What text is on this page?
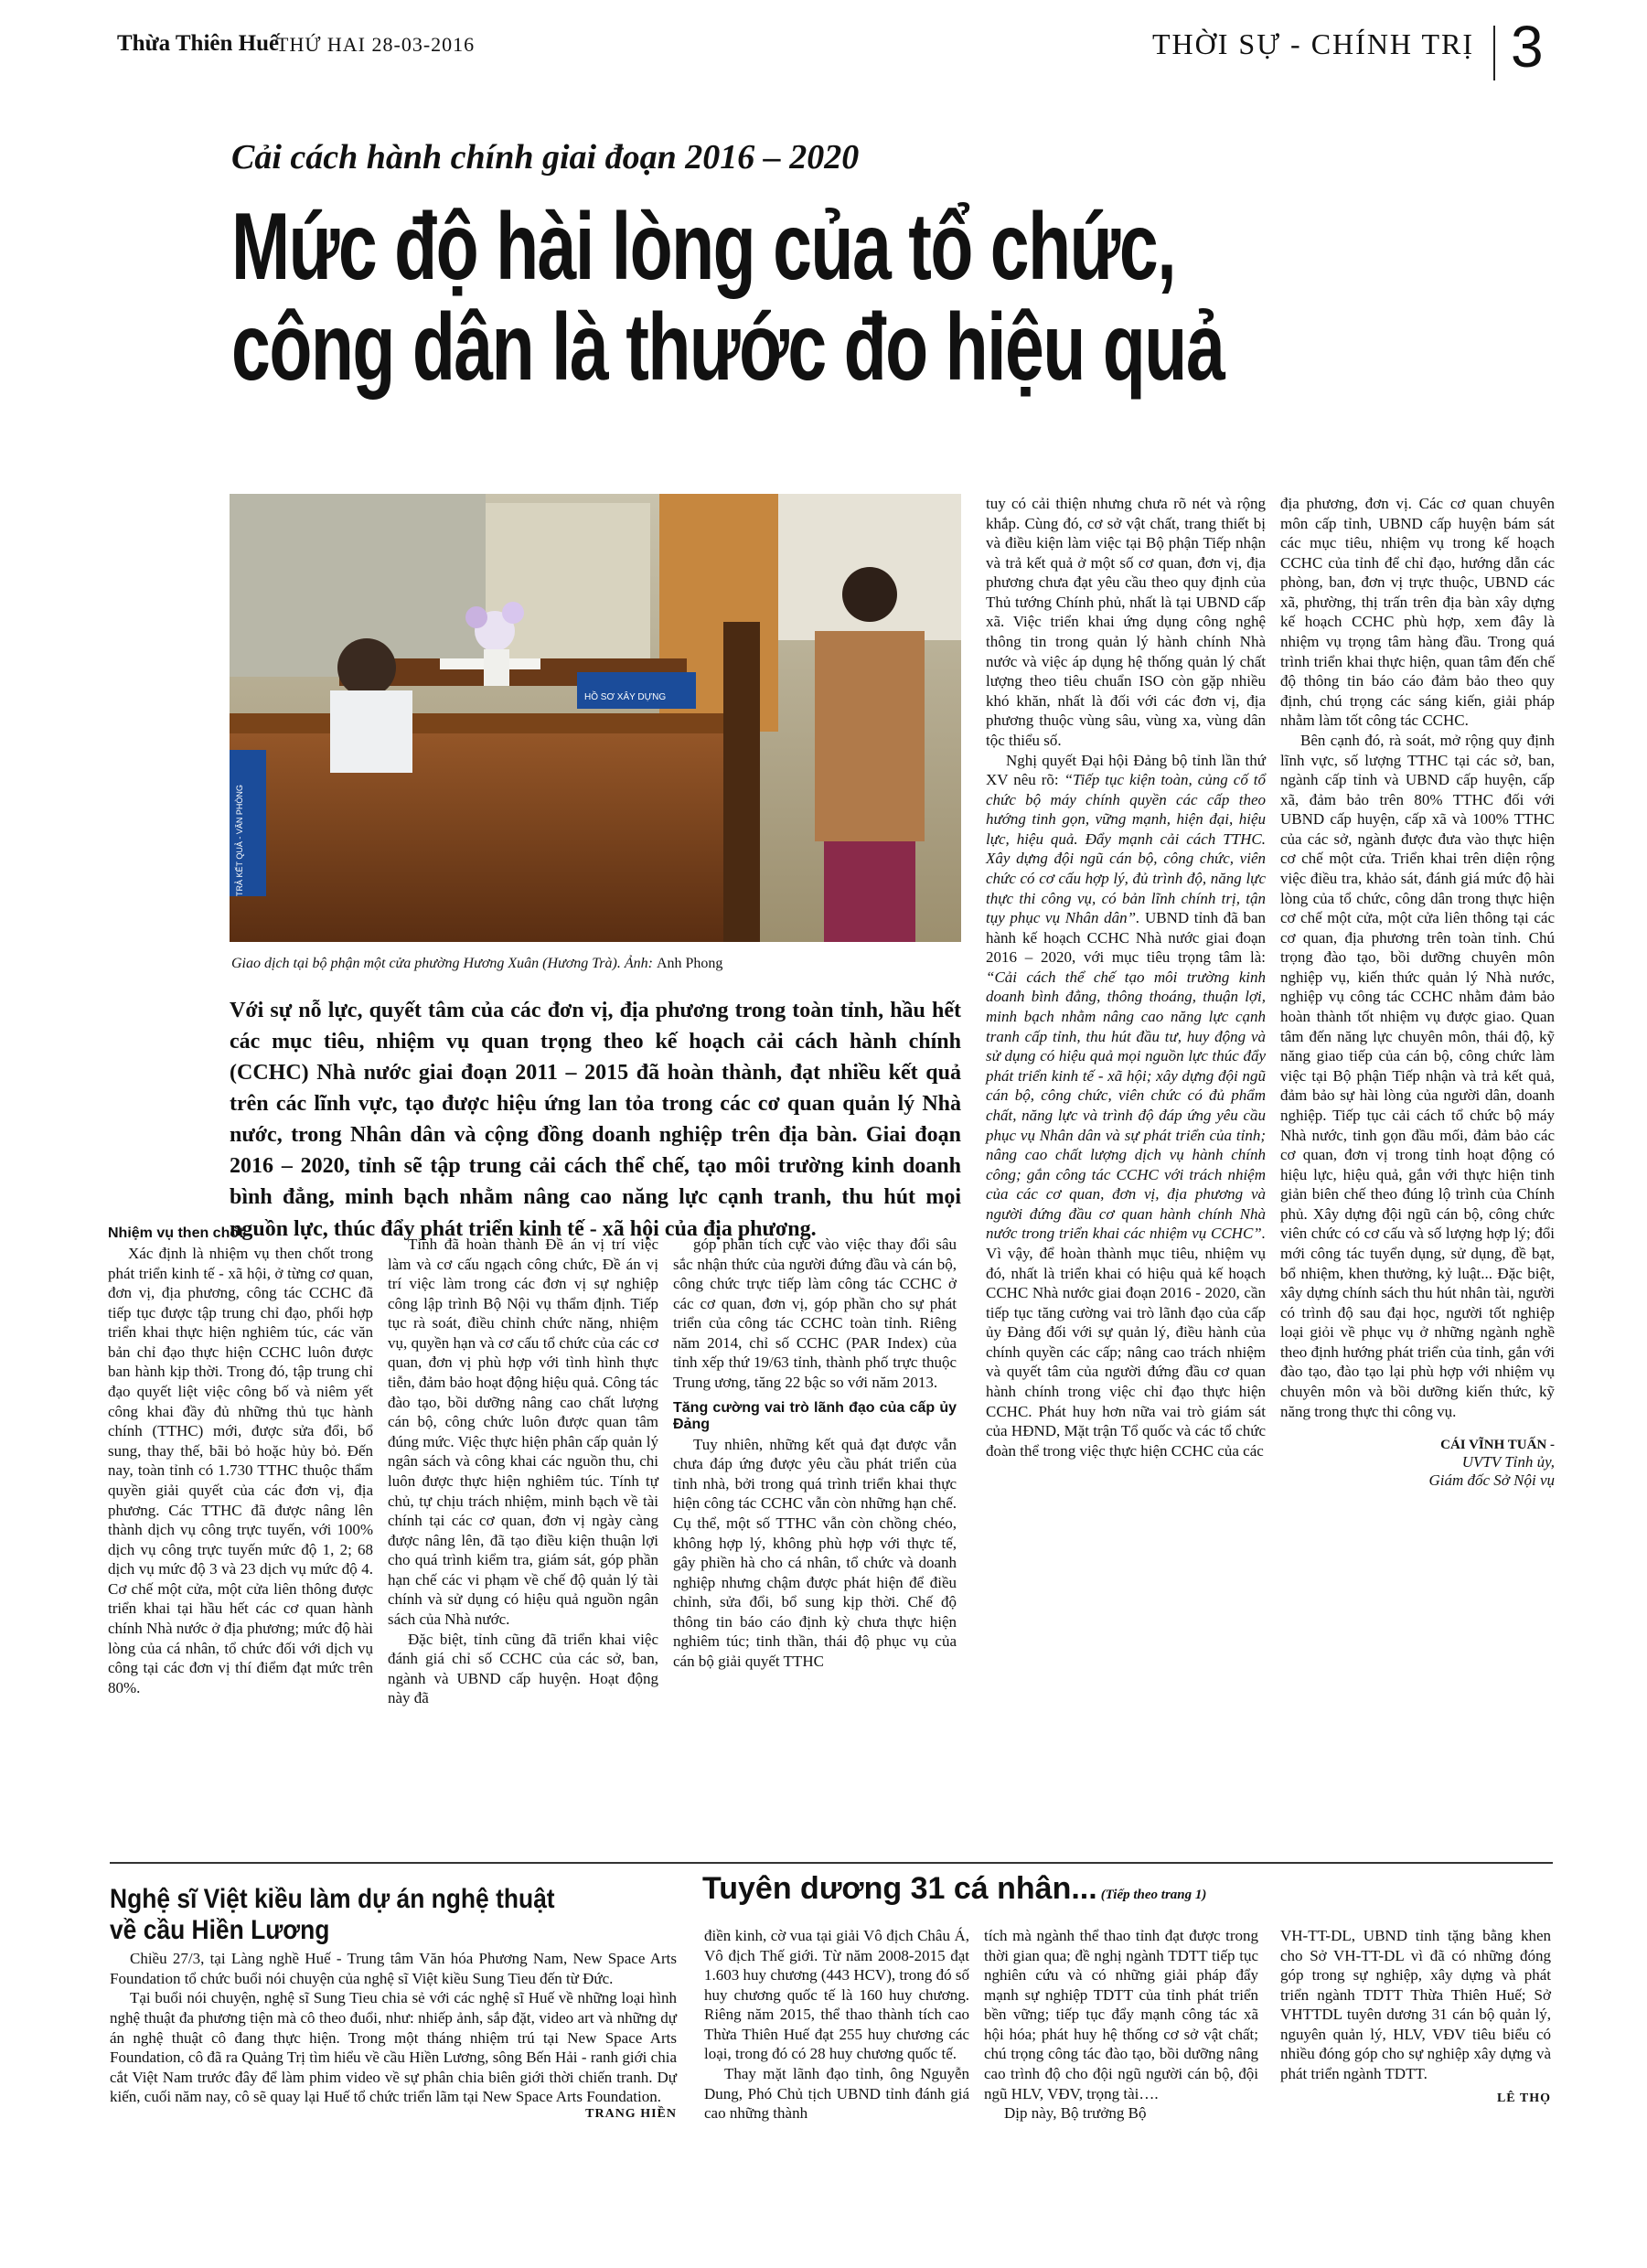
Thừa Thiên Huế
THỨ HAI 28-03-2016	THỜI SỰ - CHÍNH TRỊ 3
Cải cách hành chính giai đoạn 2016 – 2020
Mức độ hài lòng của tổ chức,
công dân là thước đo hiệu quả
HỒ SƠ XÂY DỰNG
TRẢ KẾT QUẢ - VĂN PHÒNG
Giao dịch tại bộ phận một cửa phường Hương Xuân (Hương Trà). Ảnh: Anh Phong
Với sự nỗ lực, quyết tâm của các đơn vị, địa phương trong toàn tỉnh, hầu hết các mục tiêu, nhiệm vụ quan trọng theo kế hoạch cải cách hành chính (CCHC) Nhà nước giai đoạn 2011 – 2015 đã hoàn thành, đạt nhiều kết quả trên các lĩnh vực, tạo được hiệu ứng lan tỏa trong các cơ quan quản lý Nhà nước, trong Nhân dân và cộng đồng doanh nghiệp trên địa bàn. Giai đoạn 2016 – 2020, tỉnh sẽ tập trung cải cách thể chế, tạo môi trường kinh doanh bình đẳng, minh bạch nhằm nâng cao năng lực cạnh tranh, thu hút mọi nguồn lực, thúc đẩy phát triển kinh tế - xã hội của địa phương.
Nhiệm vụ then chốt

Xác định là nhiệm vụ then chốt trong phát triển kinh tế - xã hội, ở từng cơ quan, đơn vị, địa phương, công tác CCHC đã tiếp tục được tập trung chỉ đạo, phối hợp triển khai thực hiện nghiêm túc, các văn bản chỉ đạo thực hiện CCHC luôn được ban hành kịp thời. Trong đó, tập trung chỉ đạo quyết liệt việc công bố và niêm yết công khai đầy đủ những thủ tục hành chính (TTHC) mới, được sửa đổi, bổ sung, thay thế, bãi bỏ hoặc hủy bỏ. Đến nay, toàn tỉnh có 1.730 TTHC thuộc thẩm quyền giải quyết của các đơn vị, địa phương. Các TTHC đã được nâng lên thành dịch vụ công trực tuyến, với 100% dịch vụ công trực tuyến mức độ 1, 2; 68 dịch vụ mức độ 3 và 23 dịch vụ mức độ 4. Cơ chế một cửa, một cửa liên thông được triển khai tại hầu hết các cơ quan hành chính Nhà nước ở địa phương; mức độ hài lòng của cá nhân, tổ chức đối với dịch vụ công tại các đơn vị thí điểm đạt mức trên 80%.

Tỉnh đã hoàn thành Đề án vị trí việc làm và cơ cấu ngạch công chức, Đề án vị trí việc làm trong các đơn vị sự nghiệp công lập trình Bộ Nội vụ thẩm định. Tiếp tục rà soát, điều chỉnh chức năng, nhiệm vụ, quyền hạn và cơ cấu tổ chức của các cơ quan, đơn vị phù hợp với tình hình thực tiễn, đảm bảo hoạt động hiệu quả. Công tác đào tạo, bồi dưỡng nâng cao chất lượng cán bộ, công chức luôn được quan tâm đúng mức. Việc thực hiện phân cấp quản lý ngân sách và công khai các nguồn thu, chi luôn được thực hiện nghiêm túc. Tính tự chủ, tự chịu trách nhiệm, minh bạch về tài chính tại các cơ quan, đơn vị ngày càng được nâng lên, đã tạo điều kiện thuận lợi cho quá trình kiểm tra, giám sát, góp phần hạn chế các vi phạm về chế độ quản lý tài chính và sử dụng có hiệu quả nguồn ngân sách của Nhà nước.

Đặc biệt, tỉnh cũng đã triển khai việc đánh giá chỉ số CCHC của các sở, ban, ngành và UBND cấp huyện. Hoạt động này đã

góp phần tích cực vào việc thay đổi sâu sắc nhận thức của người đứng đầu và cán bộ, công chức trực tiếp làm công tác CCHC ở các cơ quan, đơn vị, góp phần cho sự phát triển của công tác CCHC toàn tỉnh. Riêng năm 2014, chỉ số CCHC (PAR Index) của tỉnh xếp thứ 19/63 tỉnh, thành phố trực thuộc Trung ương, tăng 22 bậc so với năm 2013.

Tăng cường vai trò lãnh đạo của cấp ủy Đảng

Tuy nhiên, những kết quả đạt được vẫn chưa đáp ứng được yêu cầu phát triển của tỉnh nhà, bởi trong quá trình triển khai thực hiện công tác CCHC vẫn còn những hạn chế. Cụ thể, một số TTHC vẫn còn chồng chéo, không hợp lý, không phù hợp với thực tế, gây phiền hà cho cá nhân, tổ chức và doanh nghiệp nhưng chậm được phát hiện để điều chỉnh, sửa đổi, bổ sung kịp thời. Chế độ thông tin báo cáo định kỳ chưa thực hiện nghiêm túc; tinh thần, thái độ phục vụ của cán bộ giải quyết TTHC

tuy có cải thiện nhưng chưa rõ nét và rộng khắp. Cùng đó, cơ sở vật chất, trang thiết bị và điều kiện làm việc tại Bộ phận Tiếp nhận và trả kết quả ở một số cơ quan, đơn vị, địa phương chưa đạt yêu cầu theo quy định của Thủ tướng Chính phủ, nhất là tại UBND cấp xã. Việc triển khai ứng dụng công nghệ thông tin trong quản lý hành chính Nhà nước và việc áp dụng hệ thống quản lý chất lượng theo tiêu chuẩn ISO còn gặp nhiều khó khăn, nhất là đối với các đơn vị, địa phương thuộc vùng sâu, vùng xa, vùng dân tộc thiểu số.

Nghị quyết Đại hội Đảng bộ tỉnh lần thứ XV nêu rõ: “Tiếp tục kiện toàn, củng cố tổ chức bộ máy chính quyền các cấp theo hướng tinh gọn, vững mạnh, hiện đại, hiệu lực, hiệu quả. Đẩy mạnh cải cách TTHC. Xây dựng đội ngũ cán bộ, công chức, viên chức có cơ cấu hợp lý, đủ trình độ, năng lực thực thi công vụ, có bản lĩnh chính trị, tận tụy phục vụ Nhân dân”. UBND tỉnh đã ban hành kế hoạch CCHC Nhà nước giai đoạn 2016 – 2020, với mục tiêu trọng tâm là: “Cải cách thể chế tạo môi trường kinh doanh bình đẳng, thông thoáng, thuận lợi, minh bạch nhằm nâng cao năng lực cạnh tranh cấp tỉnh, thu hút đầu tư, huy động và sử dụng có hiệu quả mọi nguồn lực thúc đẩy phát triển kinh tế - xã hội; xây dựng đội ngũ cán bộ, công chức, viên chức có đủ phẩm chất, năng lực và trình độ đáp ứng yêu cầu phục vụ Nhân dân và sự phát triển của tỉnh; nâng cao chất lượng dịch vụ hành chính công; gắn công tác CCHC với trách nhiệm của các cơ quan, đơn vị, địa phương và người đứng đầu cơ quan hành chính Nhà nước trong triển khai các nhiệm vụ CCHC”. Vì vậy, để hoàn thành mục tiêu, nhiệm vụ đó, nhất là triển khai có hiệu quả kế hoạch CCHC Nhà nước giai đoạn 2016 - 2020, cần tiếp tục tăng cường vai trò lãnh đạo của cấp ủy Đảng đối với sự quản lý, điều hành của chính quyền các cấp; nâng cao trách nhiệm và quyết tâm của người đứng đầu cơ quan hành chính trong việc chỉ đạo thực hiện CCHC. Phát huy hơn nữa vai trò giám sát của HĐND, Mặt trận Tổ quốc và các tổ chức đoàn thể trong việc thực hiện CCHC của các

địa phương, đơn vị. Các cơ quan chuyên môn cấp tỉnh, UBND cấp huyện bám sát các mục tiêu, nhiệm vụ trong kế hoạch CCHC của tỉnh để chỉ đạo, hướng dẫn các phòng, ban, đơn vị trực thuộc, UBND các xã, phường, thị trấn trên địa bàn xây dựng kế hoạch CCHC phù hợp, xem đây là nhiệm vụ trọng tâm hàng đầu. Trong quá trình triển khai thực hiện, quan tâm đến chế độ thông tin báo cáo đảm bảo theo quy định, chú trọng các sáng kiến, giải pháp nhằm làm tốt công tác CCHC.

Bên cạnh đó, rà soát, mở rộng quy định lĩnh vực, số lượng TTHC tại các sở, ban, ngành cấp tỉnh và UBND cấp huyện, cấp xã, đảm bảo trên 80% TTHC đối với UBND cấp huyện, cấp xã và 100% TTHC của các sở, ngành được đưa vào thực hiện cơ chế một cửa. Triển khai trên diện rộng việc điều tra, khảo sát, đánh giá mức độ hài lòng của tổ chức, công dân trong thực hiện cơ chế một cửa, một cửa liên thông tại các cơ quan, địa phương trên toàn tỉnh. Chú trọng đào tạo, bồi dưỡng chuyên môn nghiệp vụ, kiến thức quản lý Nhà nước, nghiệp vụ công tác CCHC nhằm đảm bảo hoàn thành tốt nhiệm vụ được giao. Quan tâm đến năng lực chuyên môn, thái độ, kỹ năng giao tiếp của cán bộ, công chức làm việc tại Bộ phận Tiếp nhận và trả kết quả, đảm bảo sự hài lòng của người dân, doanh nghiệp. Tiếp tục cải cách tổ chức bộ máy Nhà nước, tinh gọn đầu mối, đảm bảo các cơ quan, đơn vị trong tỉnh hoạt động có hiệu lực, hiệu quả, gắn với thực hiện tinh giản biên chế theo đúng lộ trình của Chính phủ. Xây dựng đội ngũ cán bộ, công chức viên chức có cơ cấu và số lượng hợp lý; đổi mới công tác tuyển dụng, sử dụng, đề bạt, bổ nhiệm, khen thưởng, kỷ luật... Đặc biệt, xây dựng chính sách thu hút nhân tài, người có trình độ sau đại học, người tốt nghiệp loại giỏi về phục vụ ở những ngành nghề theo định hướng phát triển của tỉnh, gắn với đào tạo, đào tạo lại phù hợp với nhiệm vụ chuyên môn và bồi dưỡng kiến thức, kỹ năng trong thực thi công vụ.

CÁI VĨNH TUẤN -
UVTV Tỉnh ủy,
Giám đốc Sở Nội vụ
Nghệ sĩ Việt kiều làm dự án nghệ thuật
về cầu Hiền Lương

Chiều 27/3, tại Làng nghề Huế - Trung tâm Văn hóa Phương Nam, New Space Arts Foundation tổ chức buổi nói chuyện của nghệ sĩ Việt kiều Sung Tieu đến từ Đức.

Tại buổi nói chuyện, nghệ sĩ Sung Tieu chia sẻ với các nghệ sĩ Huế về những loại hình nghệ thuật đa phương tiện mà cô theo đuổi, như: nhiếp ảnh, sắp đặt, video art và những dự án nghệ thuật cô đang thực hiện. Trong một tháng nhiệm trú tại New Space Arts Foundation, cô đã ra Quảng Trị tìm hiểu về cầu Hiền Lương, sông Bến Hải - ranh giới chia cắt Việt Nam trước đây để làm phim video về sự phân chia biên giới thời chiến tranh. Dự kiến, cuối năm nay, cô sẽ quay lại Huế tổ chức triển lãm tại New Space Arts Foundation.

TRANG HIỀN
Tuyên dương 31 cá nhân... (Tiếp theo trang 1)

điền kinh, cờ vua tại giải Vô địch Châu Á, Vô địch Thế giới. Từ năm 2008-2015 đạt 1.603 huy chương (443 HCV), trong đó số huy chương quốc tế là 160 huy chương. Riêng năm 2015, thể thao thành tích cao Thừa Thiên Huế đạt 255 huy chương các loại, trong đó có 28 huy chương quốc tế.

Thay mặt lãnh đạo tỉnh, ông Nguyễn Dung, Phó Chủ tịch UBND tỉnh đánh giá cao những thành

tích mà ngành thể thao tỉnh đạt được trong thời gian qua; đề nghị ngành TDTT tiếp tục nghiên cứu và có những giải pháp đẩy mạnh sự nghiệp TDTT của tỉnh phát triển bền vững; tiếp tục đẩy mạnh công tác xã hội hóa; phát huy hệ thống cơ sở vật chất; chú trọng công tác đào tạo, bồi dưỡng nâng cao trình độ cho đội ngũ người cán bộ, đội ngũ HLV, VĐV, trọng tài….

Dịp này, Bộ trưởng Bộ

VH-TT-DL, UBND tỉnh tặng bằng khen cho Sở VH-TT-DL vì đã có những đóng góp trong sự nghiệp, xây dựng và phát triển ngành TDTT Thừa Thiên Huế; Sở VHTTDL tuyên dương 31 cán bộ quản lý, nguyên quản lý, HLV, VĐV tiêu biểu có nhiều đóng góp cho sự nghiệp xây dựng và phát triển ngành TDTT.

LÊ THỌ
